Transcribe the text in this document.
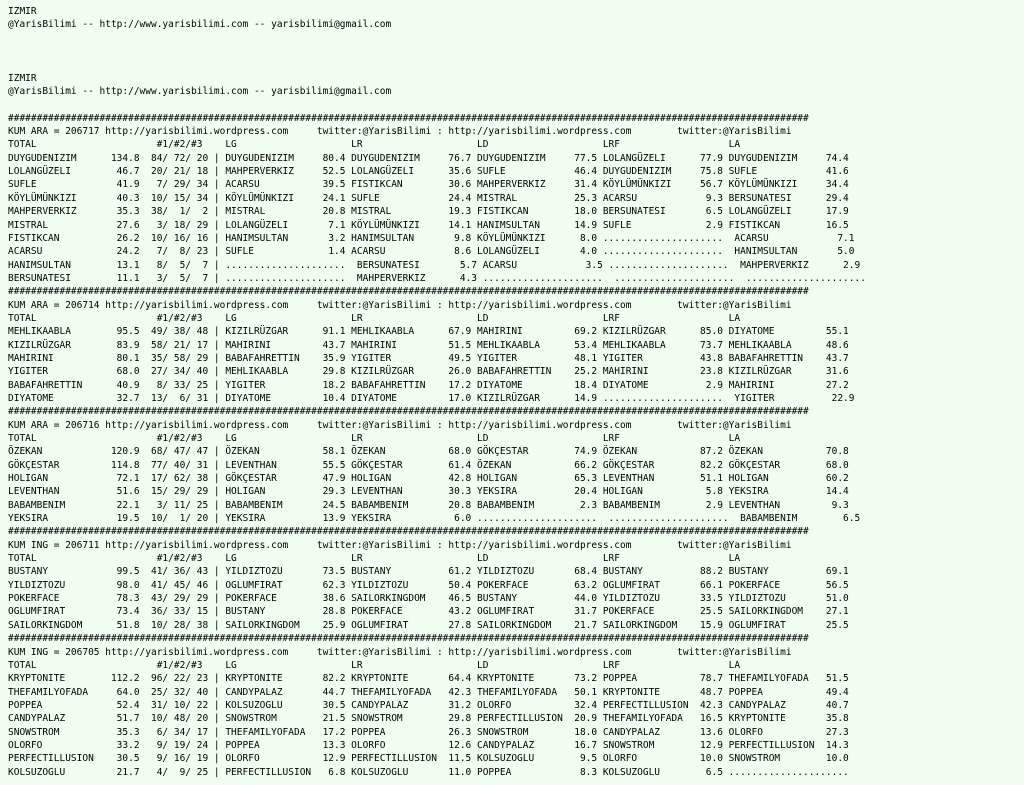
IZMIR
@YarisBilimi -- http://www.yarisbilimi.com -- yarisbilimi@gmail.com

IZMIR
@YarisBilimi -- http://www.yarisbilimi.com -- yarisbilimi@gmail.com

############################################################################################################################################
KUM ARA = 206717 http://yarisbilimi.wordpress.com     twitter:@YarisBilimi : http://yarisbilimi.wordpress.com        twitter:@YarisBilimi
TOTAL                     #1/#2/#3    LG                    LR                    LD                    LRF                   LA
DUYGUDENIZIM      134.8  84/ 72/ 20 | DUYGUDENIZIM     80.4 DUYGUDENIZIM     76.7 DUYGUDENIZIM     77.5 LOLANGÜZELI      77.9 DUYGUDENIZIM     74.4
LOLANGÜZELI        46.7  20/ 21/ 18 | MAHPERVERKIZ     52.5 LOLANGÜZELI      35.6 SUFLE            46.4 DUYGUDENIZIM     75.8 SUFLE            41.6
SUFLE              41.9   7/ 29/ 34 | ACARSU           39.5 FISTIKCAN        30.6 MAHPERVERKIZ     31.4 KÖYLÜMÜNKIZI     56.7 KÖYLÜMÜNKIZI     34.4
KÖYLÜMÜNKIZI       40.3  10/ 15/ 34 | KÖYLÜMÜNKIZI     24.1 SUFLE            24.4 MISTRAL          25.3 ACARSU            9.3 BERSUNATESI      29.4
MAHPERVERKIZ       35.3  38/  1/  2 | MISTRAL          20.8 MISTRAL          19.3 FISTIKCAN        18.0 BERSUNATESI       6.5 LOLANGÜZELI      17.9
MISTRAL            27.6   3/ 18/ 29 | LOLANGÜZELI       7.1 KÖYLÜMÜNKIZI     14.1 HANIMSULTAN      14.9 SUFLE             2.9 FISTIKCAN        16.5
FISTIKCAN          26.2  10/ 16/ 16 | HANIMSULTAN       3.2 HANIMSULTAN       9.8 KÖYLÜMÜNKIZI      8.0 .....................  ACARSU            7.1
ACARSU             24.2   7/  8/ 23 | SUFLE             1.4 ACARSU            8.6 LOLANGÜZELI       4.0 .....................  HANIMSULTAN       5.0
HANIMSULTAN        13.1   8/  5/  7 | .....................  BERSUNATESI       5.7 ACARSU            3.5 .....................  MAHPERVERKIZ      2.9
BERSUNATESI        11.1   3/  5/  7 | .....................  MAHPERVERKIZ      4.3 .....................  .....................  .....................
############################################################################################################################################
KUM ARA = 206714 http://yarisbilimi.wordpress.com     twitter:@YarisBilimi : http://yarisbilimi.wordpress.com        twitter:@YarisBilimi
TOTAL                     #1/#2/#3    LG                    LR                    LD                    LRF                   LA
MEHLIKAABLA        95.5  49/ 38/ 48 | KIZILRÜZGAR      91.1 MEHLIKAABLA      67.9 MAHIRINI         69.2 KIZILRÜZGAR      85.0 DIYATOME         55.1
KIZILRÜZGAR        83.9  58/ 21/ 17 | MAHIRINI         43.7 MAHIRINI         51.5 MEHLIKAABLA      53.4 MEHLIKAABLA      73.7 MEHLIKAABLA      48.6
MAHIRINI           80.1  35/ 58/ 29 | BABAFAHRETTIN    35.9 YIGITER          49.5 YIGITER          48.1 YIGITER          43.8 BABAFAHRETTIN    43.7
YIGITER            68.0  27/ 34/ 40 | MEHLIKAABLA      29.8 KIZILRÜZGAR      26.0 BABAFAHRETTIN    25.2 MAHIRINI         23.8 KIZILRÜZGAR      31.6
BABAFAHRETTIN      40.9   8/ 33/ 25 | YIGITER          18.2 BABAFAHRETTIN    17.2 DIYATOME         18.4 DIYATOME          2.9 MAHIRINI         27.2
DIYATOME           32.7  13/  6/ 31 | DIYATOME         10.4 DIYATOME         17.0 KIZILRÜZGAR      14.9 .....................  YIGITER          22.9
############################################################################################################################################
KUM ARA = 206716 http://yarisbilimi.wordpress.com     twitter:@YarisBilimi : http://yarisbilimi.wordpress.com        twitter:@YarisBilimi
TOTAL                     #1/#2/#3    LG                    LR                    LD                    LRF                   LA
ÖZEKAN            120.9  68/ 47/ 47 | ÖZEKAN           58.1 ÖZEKAN           68.0 GÖKÇESTAR        74.9 ÖZEKAN           87.2 ÖZEKAN           70.8
GÖKÇESTAR         114.8  77/ 40/ 31 | LEVENTHAN        55.5 GÖKÇESTAR        61.4 ÖZEKAN           66.2 GÖKÇESTAR        82.2 GÖKÇESTAR        68.0
HOLIGAN            72.1  17/ 62/ 38 | GÖKÇESTAR        47.9 HOLIGAN          42.8 HOLIGAN          65.3 LEVENTHAN        51.1 HOLIGAN          60.2
LEVENTHAN          51.6  15/ 29/ 29 | HOLIGAN          29.3 LEVENTHAN        30.3 YEKSIRA          20.4 HOLIGAN           5.8 YEKSIRA          14.4
BABAMBENIM         22.1   3/ 11/ 25 | BABAMBENIM       24.5 BABAMBENIM       20.8 BABAMBENIM        2.3 BABAMBENIM        2.9 LEVENTHAN         9.3
YEKSIRA            19.5  10/  1/ 20 | YEKSIRA          13.9 YEKSIRA           6.0 .....................  .....................  BABAMBENIM        6.5
############################################################################################################################################
KUM ING = 206711 http://yarisbilimi.wordpress.com     twitter:@YarisBilimi : http://yarisbilimi.wordpress.com        twitter:@YarisBilimi
TOTAL                     #1/#2/#3    LG                    LR                    LD                    LRF                   LA
BUSTANY            99.5  41/ 36/ 43 | YILDIZTOZU       73.5 BUSTANY          61.2 YILDIZTOZU       68.4 BUSTANY          88.2 BUSTANY          69.1
YILDIZTOZU         98.0  41/ 45/ 46 | OGLUMFIRAT       62.3 YILDIZTOZU       50.4 POKERFACE        63.2 OGLUMFIRAT       66.1 POKERFACE        56.5
POKERFACE          78.3  43/ 29/ 29 | POKERFACE        38.6 SAILORKINGDOM    46.5 BUSTANY          44.0 YILDIZTOZU       33.5 YILDIZTOZU       51.0
OGLUMFIRAT         73.4  36/ 33/ 15 | BUSTANY          28.8 POKERFACE        43.2 OGLUMFIRAT       31.7 POKERFACE        25.5 SAILORKINGDOM    27.1
SAILORKINGDOM      51.8  10/ 28/ 38 | SAILORKINGDOM    25.9 OGLUMFIRAT       27.8 SAILORKINGDOM    21.7 SAILORKINGDOM    15.9 OGLUMFIRAT       25.5
############################################################################################################################################
KUM ING = 206705 http://yarisbilimi.wordpress.com     twitter:@YarisBilimi : http://yarisbilimi.wordpress.com        twitter:@YarisBilimi
TOTAL                     #1/#2/#3    LG                    LR                    LD                    LRF                   LA
KRYPTONITE        112.2  96/ 22/ 23 | KRYPTONITE       82.2 KRYPTONITE       64.4 KRYPTONITE       73.2 POPPEA           78.7 THEFAMILYOFADA   51.5
THEFAMILYOFADA     64.0  25/ 32/ 40 | CANDYPALAZ       44.7 THEFAMILYOFADA   42.3 THEFAMILYOFADA   50.1 KRYPTONITE       48.7 POPPEA           49.4
POPPEA             52.4  31/ 10/ 22 | KOLSUZOGLU       30.5 CANDYPALAZ       31.2 OLORFO           32.4 PERFECTILLUSION  42.3 CANDYPALAZ       40.7
CANDYPALAZ         51.7  10/ 48/ 20 | SNOWSTROM        21.5 SNOWSTROM        29.8 PERFECTILLUSION  20.9 THEFAMILYOFADA   16.5 KRYPTONITE       35.8
SNOWSTROM          35.3   6/ 34/ 17 | THEFAMILYOFADA   17.2 POPPEA           26.3 SNOWSTROM        18.0 CANDYPALAZ       13.6 OLORFO           27.3
OLORFO             33.2   9/ 19/ 24 | POPPEA           13.3 OLORFO           12.6 CANDYPALAZ       16.7 SNOWSTROM        12.9 PERFECTILLUSION  14.3
PERFECTILLUSION    30.5   9/ 16/ 19 | OLORFO           12.9 PERFECTILLUSION  11.5 KOLSUZOGLU        9.5 OLORFO           10.0 SNOWSTROM        10.0
KOLSUZOGLU         21.7   4/  9/ 25 | PERFECTILLUSION   6.8 KOLSUZOGLU       11.0 POPPEA            8.3 KOLSUZOGLU        6.5 .....................
